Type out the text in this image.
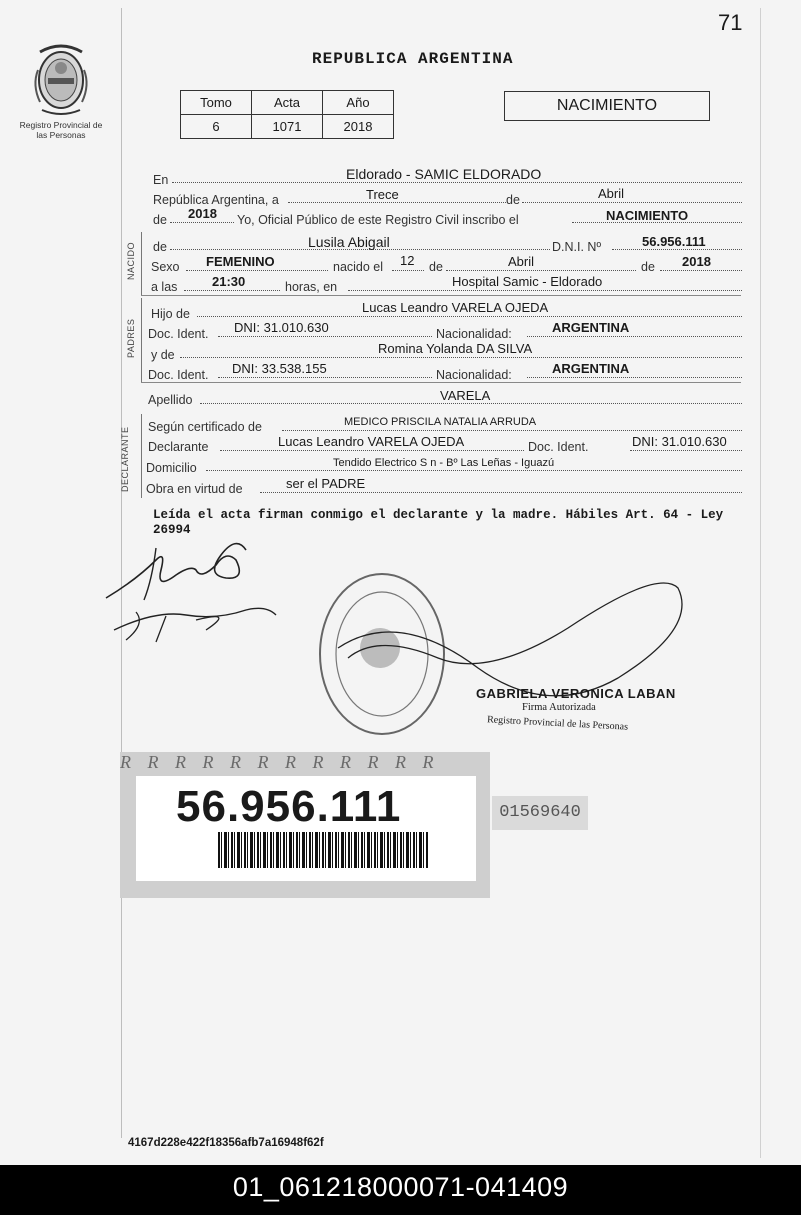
71
Registro Provincial de las Personas
REPUBLICA ARGENTINA
Tomo	Acta	Año
6	1071	2018
NACIMIENTO
En	Eldorado - SAMIC ELDORADO
República Argentina, a	Trece	de	Abril
de 2018 Yo, Oficial Público de este Registro Civil inscribo el	NACIMIENTO
NACIDO de	Lusila Abigail	D.N.I. Nº	56.956.111
Sexo FEMENINO	nacido el 12 de	Abril	de 2018
a las	21:30	horas, en	Hospital Samic - Eldorado
PADRES
Hijo de	Lucas Leandro VARELA OJEDA
Doc. Ident. DNI: 31.010.630	Nacionalidad:	ARGENTINA
y de	Romina Yolanda DA SILVA
Doc. Ident. DNI: 33.538.155	Nacionalidad:	ARGENTINA
Apellido	VARELA
DECLARANTE Según certificado de	MEDICO PRISCILA NATALIA ARRUDA
Declarante	Lucas Leandro VARELA OJEDA	Doc. Ident.	DNI: 31.010.630
Domicilio	Tendido Electrico S n - Bº Las Leñas - Iguazú
Obra en virtud de	ser el PADRE
Leída el acta firman conmigo el declarante y la madre. Hábiles Art. 64 - Ley 26994
GABRIELA VERONICA LABAN
Firma Autorizada
Registro Provincial de las Personas
R R R R R R R R R R R R
56.956.111	01569640
4167d228e422f18356afb7a16948f62f
01_061218000071-041409
